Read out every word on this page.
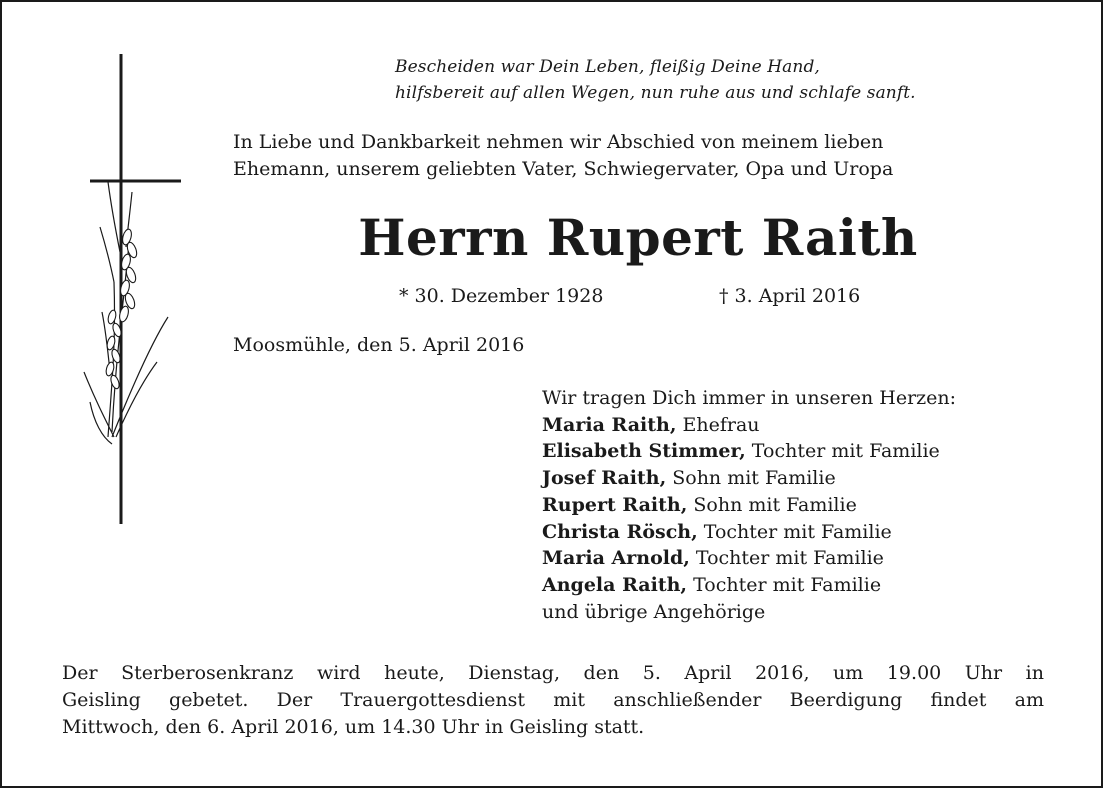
Bescheiden war Dein Leben, fleißig Deine Hand,
hilfsbereit auf allen Wegen, nun ruhe aus und schlafe sanft.
In Liebe und Dankbarkeit nehmen wir Abschied von meinem lieben
Ehemann, unserem geliebten Vater, Schwiegervater, Opa und Uropa
Herrn Rupert Raith
* 30. Dezember 1928	† 3. April 2016
Moosmühle, den 5. April 2016
Wir tragen Dich immer in unseren Herzen:
Maria Raith, Ehefrau
Elisabeth Stimmer, Tochter mit Familie
Josef Raith, Sohn mit Familie
Rupert Raith, Sohn mit Familie
Christa Rösch, Tochter mit Familie
Maria Arnold, Tochter mit Familie
Angela Raith, Tochter mit Familie
und übrige Angehörige
Der Sterberosenkranz wird heute, Dienstag, den 5. April 2016, um 19.00 Uhr in
Geisling gebetet. Der Trauergottesdienst mit anschließender Beerdigung findet am
Mittwoch, den 6. April 2016, um 14.30 Uhr in Geisling statt.
